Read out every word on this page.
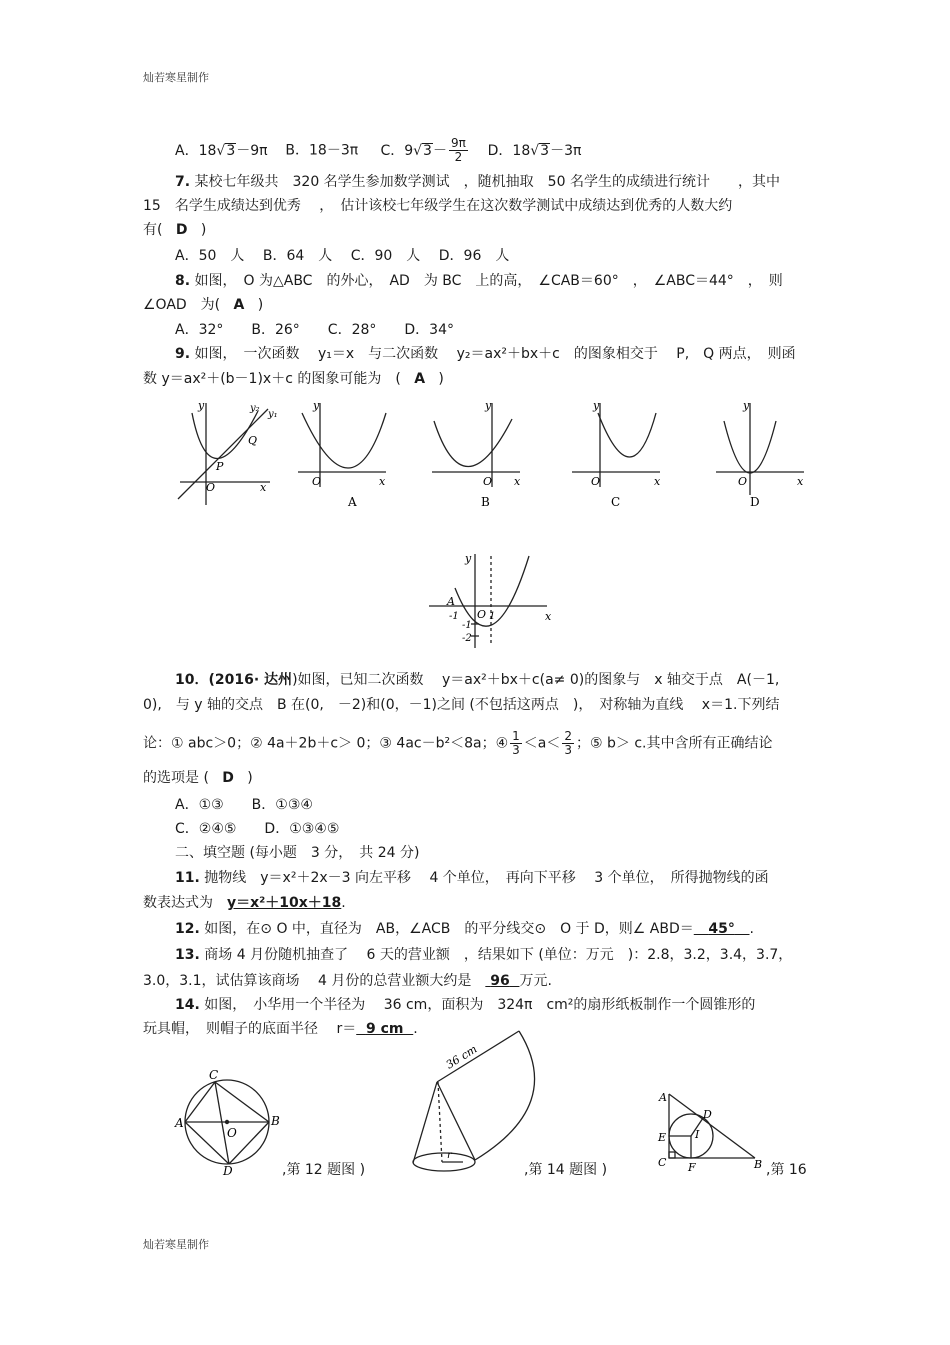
灿若寒星制作
灿若寒星制作
A．18√3－9π B．18－3π C．$9√3- \frac{9\pi}{2}$ D．18√3－3π
7. 某校七年级共　320 名学生参加数学测试　，随机抽取　50 名学生的成绩进行统计　　，其中
15　名学生成绩达到优秀　 ，　估计该校七年级学生在这次数学测试中成绩达到优秀的人数大约
有( D )
A．50　人　 B．64　人　 C．90　人　 D．96　人
8. 如图，　O 为△ABC　的外心，　AD　为 BC　上的高，　∠CAB＝60°　，　∠ABC＝44°　，　则
∠OAD　为( A )
A．32°　　B．26°　　C．28°　　D．34°
9. 如图，　一次函数　 y₁＝x　与二次函数　 y₂＝ax²＋bx＋c　的图象相交于　 P,　Q 两点，　则函
数 y＝ax²＋(b－1)x＋c 的图象可能为　( A )
y
x
O
P
Q
y₂
y₁
y
x
O
A
y
x
O
B
y
x
O
C
y
x
O
D
y
x
A
O
-1	1
-1
-2
10．(2016· 达州)如图，已知二次函数　 y＝ax²＋bx＋c(a≠ 0)的图象与　x 轴交于点　A(－1,
0),　与 y 轴的交点　B 在(0,　－2)和(0，－1)之间 (不包括这两点　)，　对称轴为直线　 x＝1.下列结
论：① abc＞0；② 4a＋2b＋c＞ 0；③ 4ac－b²＜8a；④ $\frac{1}{3} <a< \frac{2}{3}$ ；⑤ b＞ c.其中含所有正确结论
的选项是 ( D )
A．①③　　B．①③④
C．②④⑤　　D．①③④⑤
二、填空题 (每小题　3 分，　共 24 分)
11. 抛物线　y＝x²＋2x－3 向左平移　 4 个单位，　再向下平移　 3 个单位，　所得抛物线的函
数表达式为　y＝x²＋10x＋18.
12. 如图，在⊙ O 中，直径为　AB，∠ACB　的平分线交⊙　O 于 D，则∠ ABD＝ 45° .
13. 商场 4 月份随机抽查了　 6 天的营业额　，结果如下 (单位：万元　)：2.8，3.2，3.4，3.7，
3.0，3.1，试估算该商场　 4 月份的总营业额大约是　 96 万元.
14. 如图，　小华用一个半径为　 36 cm，面积为　324π　cm²的扇形纸板制作一个圆锥形的
玩具帽，　则帽子的底面半径　 r＝ 9 cm .
C
A	B
O
D	,第 12 题图 )
36 cm
r
,第 14 题图 )
A
B
C
D
E
F
I
,第 16
